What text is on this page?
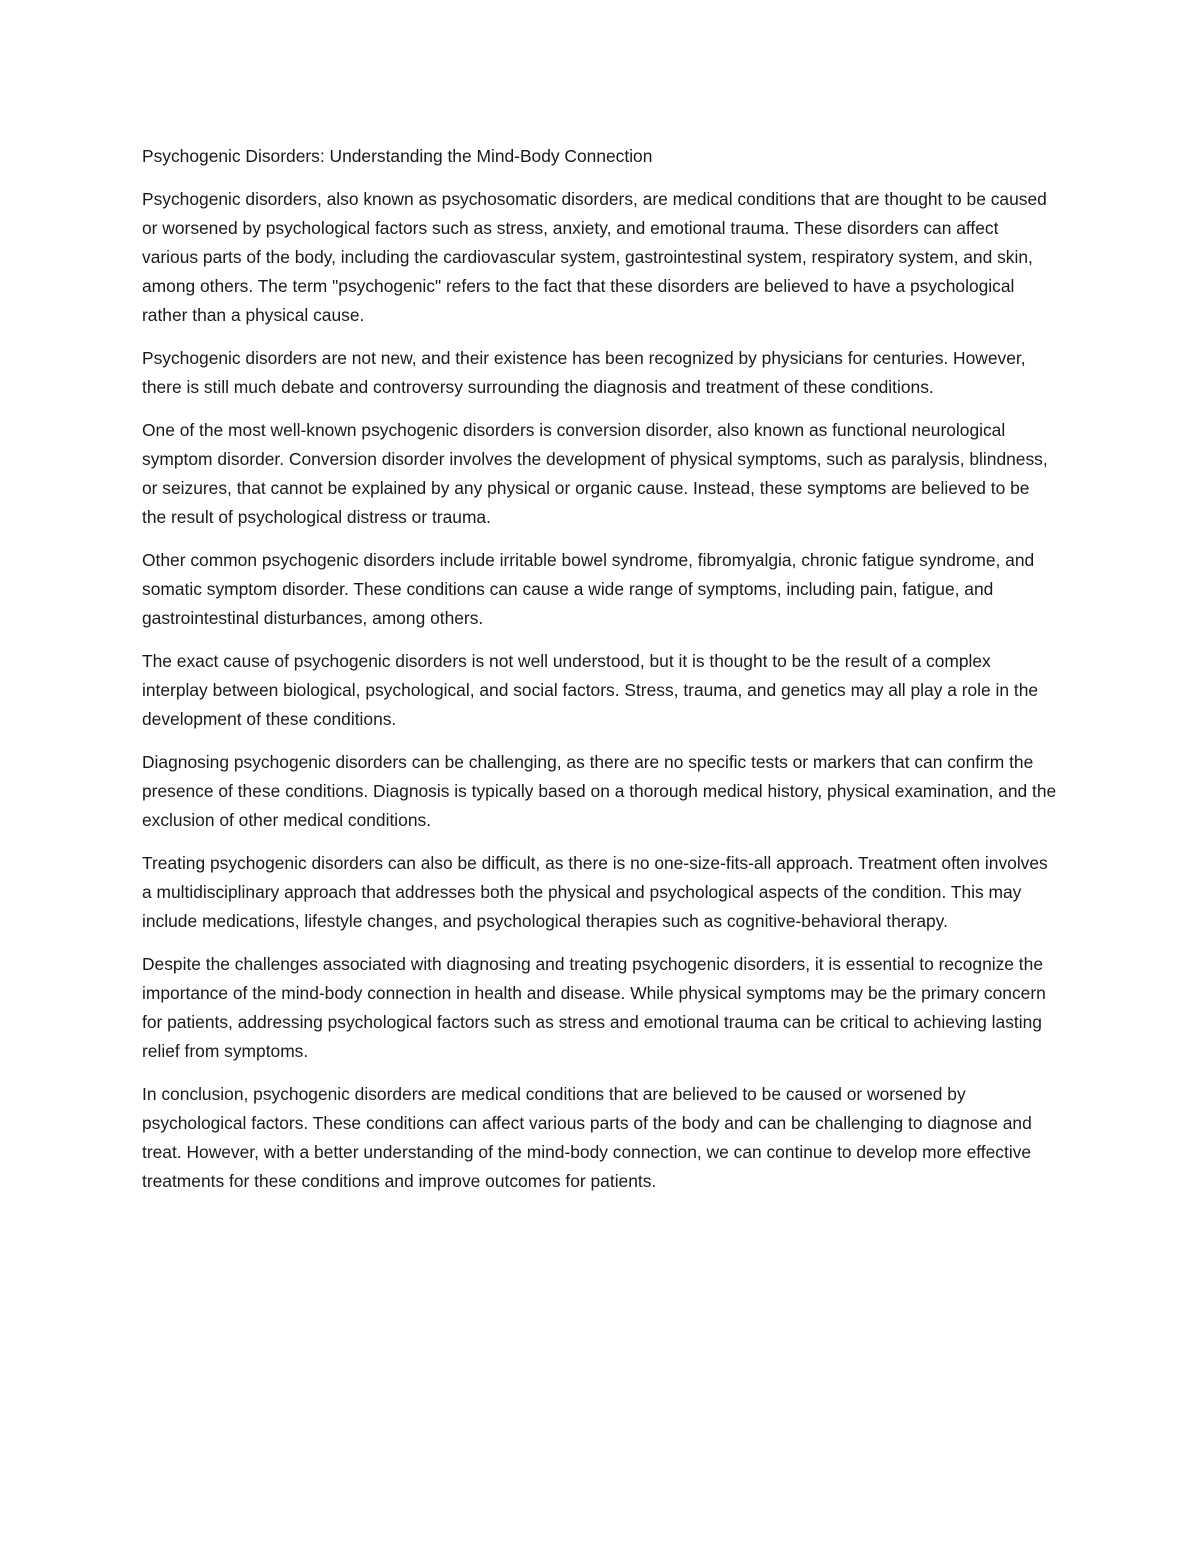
Psychogenic Disorders: Understanding the Mind-Body Connection

Psychogenic disorders, also known as psychosomatic disorders, are medical conditions that are thought to be caused or worsened by psychological factors such as stress, anxiety, and emotional trauma. These disorders can affect various parts of the body, including the cardiovascular system, gastrointestinal system, respiratory system, and skin, among others. The term "psychogenic" refers to the fact that these disorders are believed to have a psychological rather than a physical cause.

Psychogenic disorders are not new, and their existence has been recognized by physicians for centuries. However, there is still much debate and controversy surrounding the diagnosis and treatment of these conditions.

One of the most well-known psychogenic disorders is conversion disorder, also known as functional neurological symptom disorder. Conversion disorder involves the development of physical symptoms, such as paralysis, blindness, or seizures, that cannot be explained by any physical or organic cause. Instead, these symptoms are believed to be the result of psychological distress or trauma.

Other common psychogenic disorders include irritable bowel syndrome, fibromyalgia, chronic fatigue syndrome, and somatic symptom disorder. These conditions can cause a wide range of symptoms, including pain, fatigue, and gastrointestinal disturbances, among others.

The exact cause of psychogenic disorders is not well understood, but it is thought to be the result of a complex interplay between biological, psychological, and social factors. Stress, trauma, and genetics may all play a role in the development of these conditions.

Diagnosing psychogenic disorders can be challenging, as there are no specific tests or markers that can confirm the presence of these conditions. Diagnosis is typically based on a thorough medical history, physical examination, and the exclusion of other medical conditions.

Treating psychogenic disorders can also be difficult, as there is no one-size-fits-all approach. Treatment often involves a multidisciplinary approach that addresses both the physical and psychological aspects of the condition. This may include medications, lifestyle changes, and psychological therapies such as cognitive-behavioral therapy.

Despite the challenges associated with diagnosing and treating psychogenic disorders, it is essential to recognize the importance of the mind-body connection in health and disease. While physical symptoms may be the primary concern for patients, addressing psychological factors such as stress and emotional trauma can be critical to achieving lasting relief from symptoms.

In conclusion, psychogenic disorders are medical conditions that are believed to be caused or worsened by psychological factors. These conditions can affect various parts of the body and can be challenging to diagnose and treat. However, with a better understanding of the mind-body connection, we can continue to develop more effective treatments for these conditions and improve outcomes for patients.
